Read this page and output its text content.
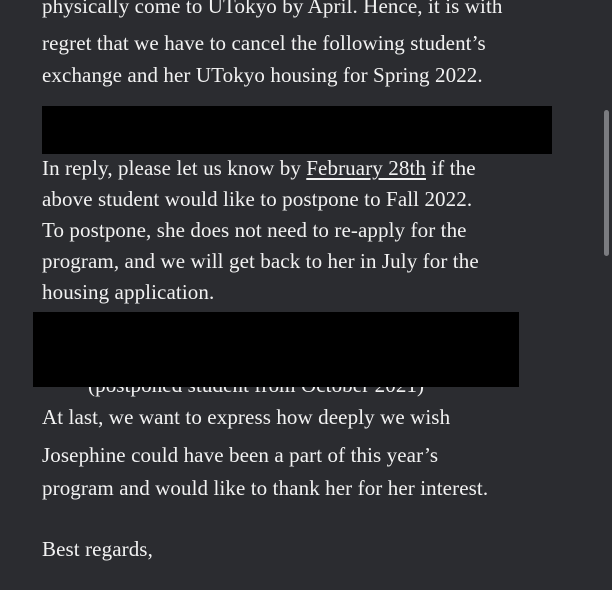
physically come to UTokyo by April. Hence, it is with
regret that we have to cancel the following student’s
exchange and her UTokyo housing for Spring 2022.
In reply, please let us know by February 28th if the
above student would like to postpone to Fall 2022.
To postpone, she does not need to re-apply for the
program, and we will get back to her in July for the
housing application.
At last, we want to express how deeply we wish
Josephine could have been a part of this year’s
program and would like to thank her for her interest.
Best regards,
